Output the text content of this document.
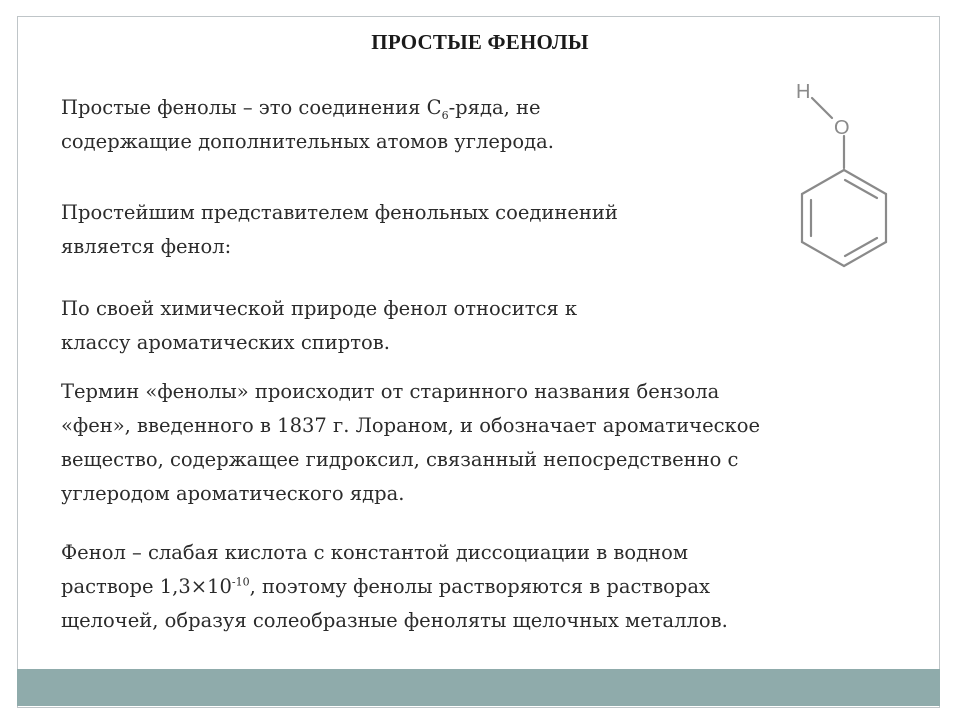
ПРОСТЫЕ ФЕНОЛЫ

Простые фенолы – это соединения $С_6$-ряда, не
содержащие дополнительных атомов углерода.

Простейшим представителем фенольных соединений
является фенол:

По своей химической природе фенол относится к
классу ароматических спиртов.

Термин «фенолы» происходит от старинного названия бензола
«фен», введенного в 1837 г. Лораном, и обозначает ароматическое
вещество, содержащее гидроксил, связанный непосредственно с
углеродом ароматического ядра.

Фенол – слабая кислота с константой диссоциации в водном
растворе $1,3\times 10^{-10}$, поэтому фенолы растворяются в растворах
щелочей, образуя солеобразные феноляты щелочных металлов.

H
O
